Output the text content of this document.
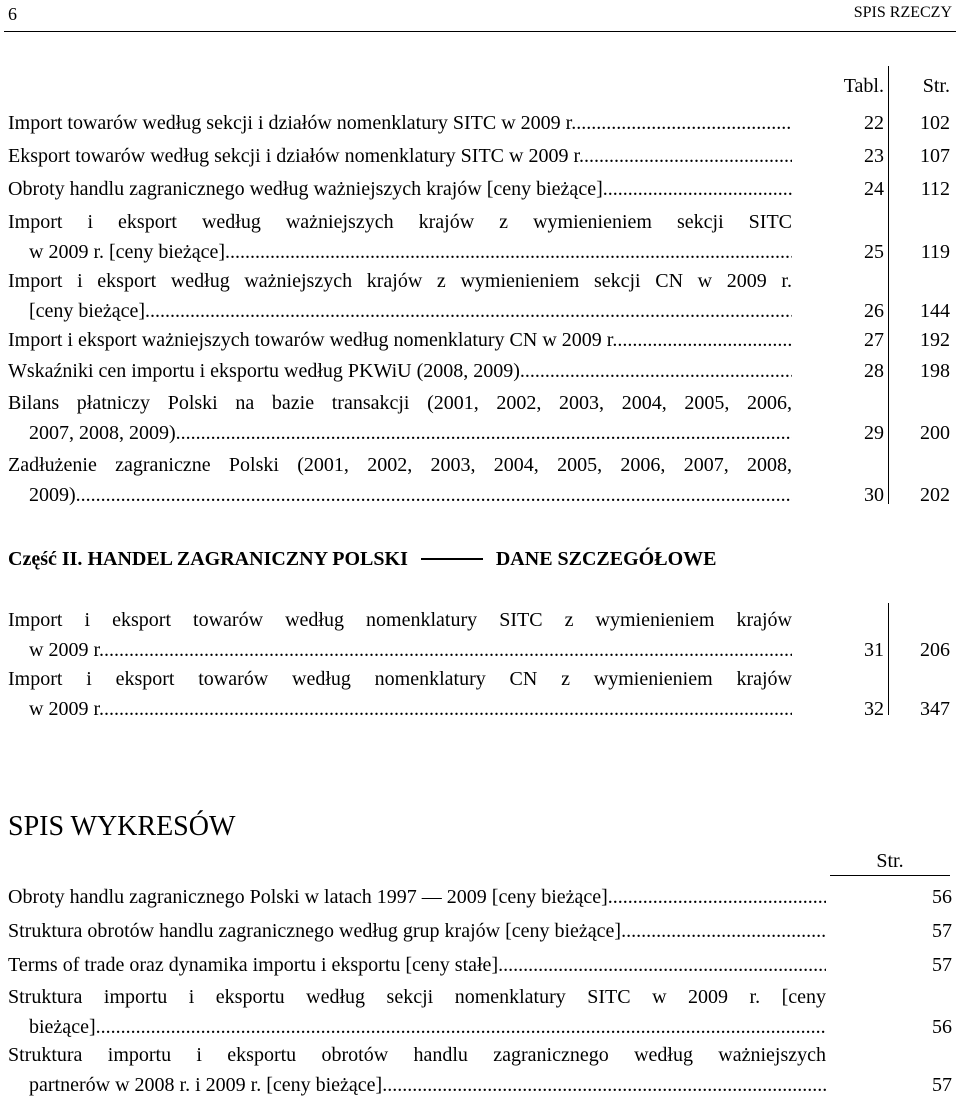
6	SPIS RZECZY
Tabl.	Str.
Import towarów według sekcji i działów nomenklatury SITC w 2009 r. .....	22	102
Eksport towarów według sekcji i działów nomenklatury SITC w 2009 r. .....	23	107
Obroty handlu zagranicznego według ważniejszych krajów [ceny bieżące] .....	24	112
Import i eksport według ważniejszych krajów z wymienieniem sekcji SITC
w 2009 r. [ceny bieżące] .....	25	119
Import i eksport według ważniejszych krajów z wymienieniem sekcji CN w 2009 r.
[ceny bieżące] .....	26	144
Import i eksport ważniejszych towarów według nomenklatury CN w 2009 r. .....	27	192
Wskaźniki cen importu i eksportu według PKWiU (2008, 2009) .....	28	198
Bilans płatniczy Polski na bazie transakcji (2001, 2002, 2003, 2004, 2005, 2006,
2007, 2008, 2009) .....	29	200
Zadłużenie zagraniczne Polski (2001, 2002, 2003, 2004, 2005, 2006, 2007, 2008,
2009) .....	30	202
Część II. HANDEL ZAGRANICZNY POLSKI	DANE SZCZEGÓŁOWE
Import i eksport towarów według nomenklatury SITC z wymienieniem krajów
w 2009 r. .....	31	206
Import i eksport towarów według nomenklatury CN z wymienieniem krajów
w 2009 r. .....	32	347
SPIS WYKRESÓW
Str.
Obroty handlu zagranicznego Polski w latach 1997 — 2009 [ceny bieżące] .....	56
Struktura obrotów handlu zagranicznego według grup krajów [ceny bieżące] .....	57
Terms of trade oraz dynamika importu i eksportu [ceny stałe] .....	57
Struktura importu i eksportu według sekcji nomenklatury SITC w 2009 r. [ceny
bieżące] .....	56
Struktura importu i eksportu obrotów handlu zagranicznego według ważniejszych
partnerów w 2008 r. i 2009 r. [ceny bieżące] .....	57
